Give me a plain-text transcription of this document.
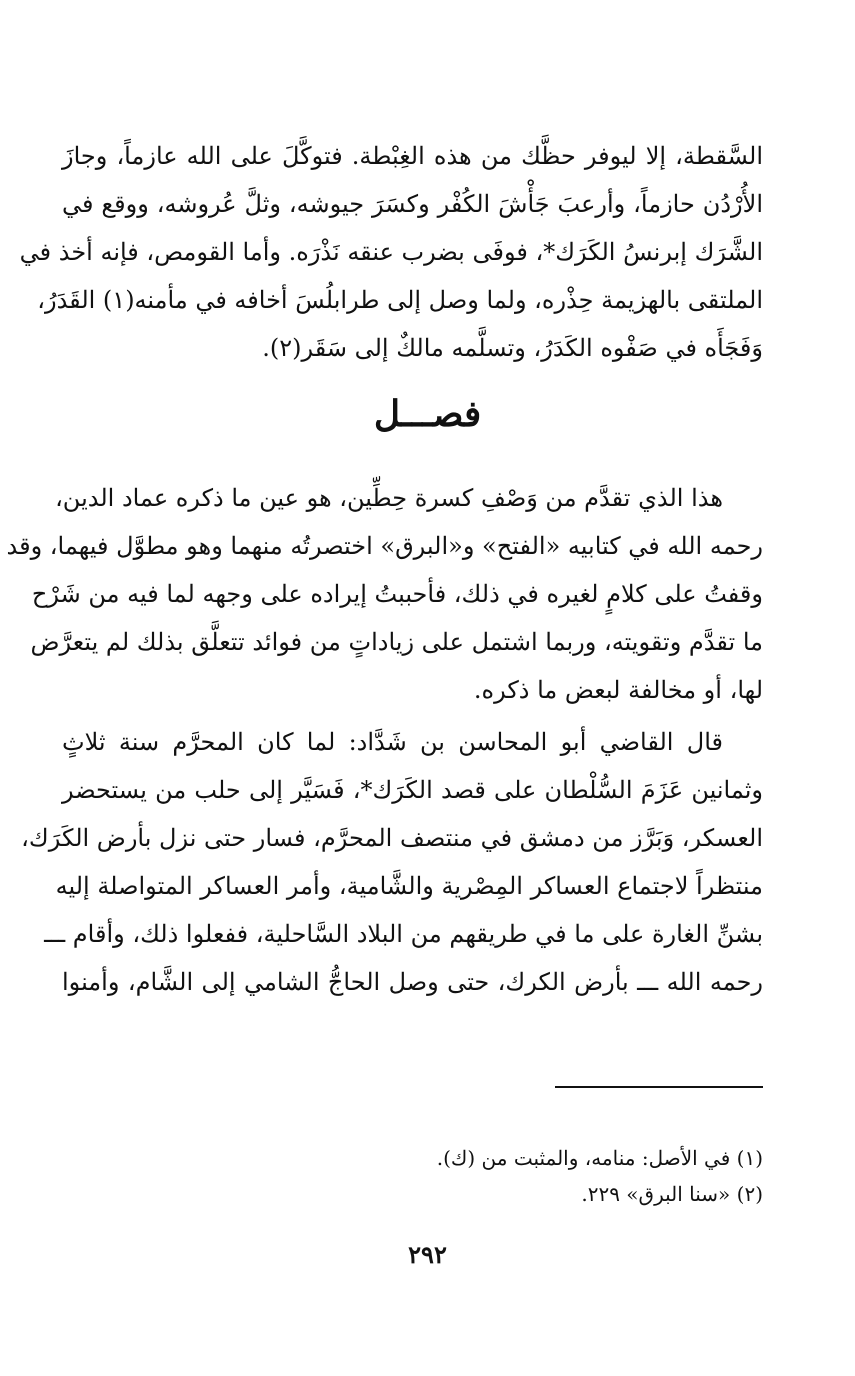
السَّقطة، إلا ليوفر حظَّك من هذه الغِبْطة. فتوكَّلَ على الله عازماً، وجازَ
الأُرْدُن حازماً، وأرعبَ جَأْشَ الكُفْر وكسَرَ جيوشه، وثلَّ عُروشه، ووقع في
الشَّرَك إبرنسُ الكَرَك*، فوفَى بضرب عنقه نَذْرَه. وأما القومص، فإنه أخذ في
الملتقى بالهزيمة حِذْره، ولما وصل إلى طرابلُسَ أخافه في مأمنه(١) القَدَرُ،
وَفَجَأَه في صَفْوه الكَدَرُ، وتسلَّمه مالكٌ إلى سَقَر(٢).
فصـــل
هذا الذي تقدَّم من وَصْفِ كسرة حِطِّين، هو عين ما ذكره عماد الدين،
رحمه الله في كتابيه «الفتح» و«البرق» اختصرتُه منهما وهو مطوَّل فيهما، وقد
وقفتُ على كلامٍ لغيره في ذلك، فأحببتُ إيراده على وجهه لما فيه من شَرْح
ما تقدَّم وتقويته، وربما اشتمل على زياداتٍ من فوائد تتعلَّق بذلك لم يتعرَّض
لها، أو مخالفة لبعض ما ذكره.
قال القاضي أبو المحاسن بن شَدَّاد: لما كان المحرَّم سنة ثلاثٍ
وثمانين عَزَمَ السُّلْطان على قصد الكَرَك*، فَسَيَّر إلى حلب من يستحضر
العسكر، وَبَرَّز من دمشق في منتصف المحرَّم، فسار حتى نزل بأرض الكَرَك،
منتظراً لاجتماع العساكر المِصْرية والشَّامية، وأمر العساكر المتواصلة إليه
بشنِّ الغارة على ما في طريقهم من البلاد السَّاحلية، ففعلوا ذلك، وأقام ـــ
رحمه الله ـــ بأرض الكرك، حتى وصل الحاجُّ الشامي إلى الشَّام، وأمنوا
(١) في الأصل: منامه، والمثبت من (ك).
(٢) «سنا البرق» ٢٢٩.
٢٩٢
